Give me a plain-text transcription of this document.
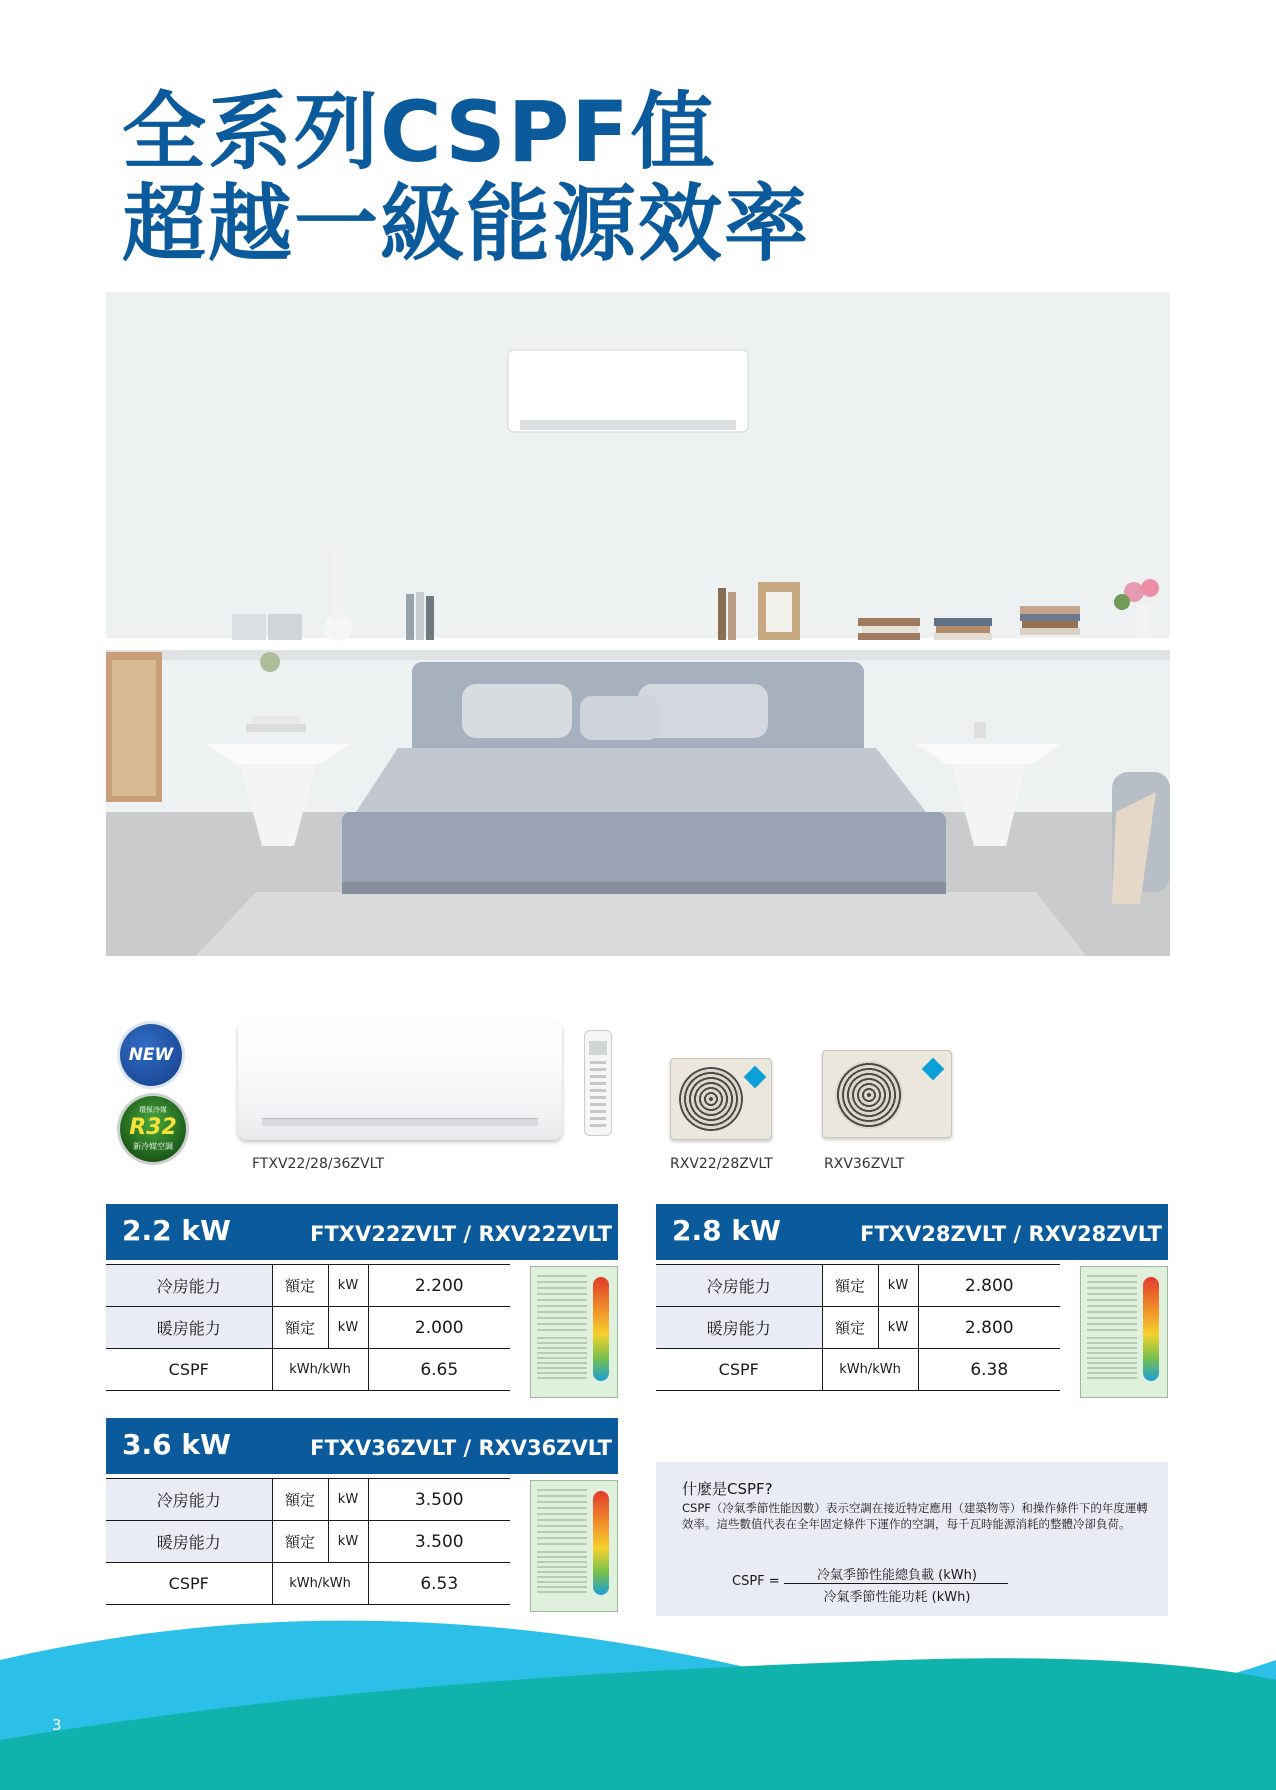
全系列CSPF值
超越一級能源效率
NEW
環保冷媒
R32
新冷媒空調
FTXV22/28/36ZVLT	RXV22/28ZVLT	RXV36ZVLT
2.2 kW	FTXV22ZVLT / RXV22ZVLT
冷房能力	額定	kW	2.200
暖房能力	額定	kW	2.000
CSPF	kWh/kWh		6.65
2.8 kW	FTXV28ZVLT / RXV28ZVLT
冷房能力	額定	kW	2.800
暖房能力	額定	kW	2.800
CSPF	kWh/kWh		6.38
3.6 kW	FTXV36ZVLT / RXV36ZVLT
冷房能力	額定	kW	3.500
暖房能力	額定	kW	3.500
CSPF	kWh/kWh		6.53
什麼是CSPF?
CSPF（冷氣季節性能因數）表示空調在接近特定應用（建築物等）和操作條件下的年度運轉效率。這些數值代表在全年固定條件下運作的空調，每千瓦時能源消耗的整體冷卻負荷。
CSPF =	冷氣季節性能總負載 (kWh)
冷氣季節性能功耗 (kWh)
3
